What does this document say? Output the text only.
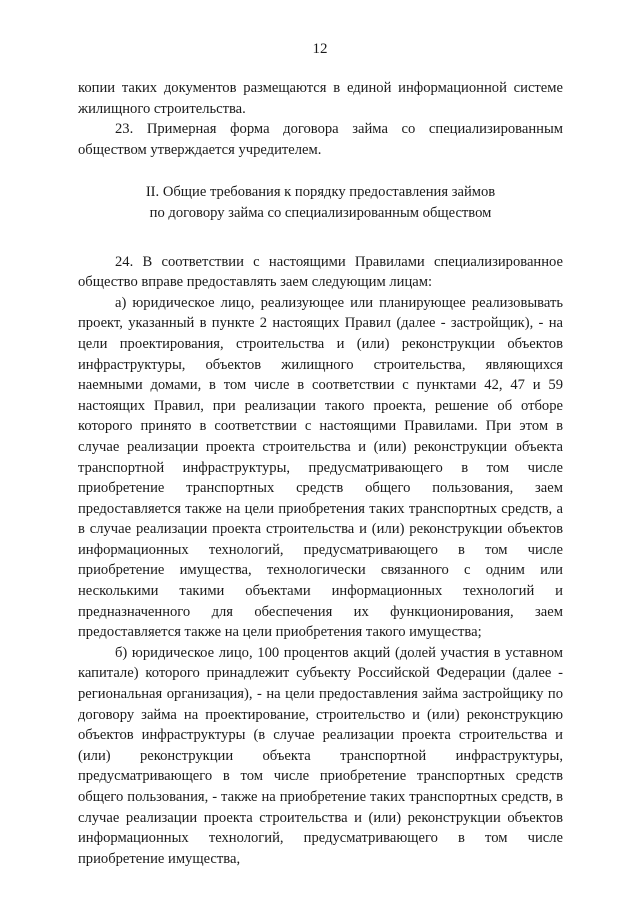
12

копии таких документов размещаются в единой информационной системе жилищного строительства.

23. Примерная форма договора займа со специализированным обществом утверждается учредителем.

II. Общие требования к порядку предоставления займов
по договору займа со специализированным обществом

24. В соответствии с настоящими Правилами специализированное общество вправе предоставлять заем следующим лицам:

а) юридическое лицо, реализующее или планирующее реализовывать проект, указанный в пункте 2 настоящих Правил (далее - застройщик), - на цели проектирования, строительства и (или) реконструкции объектов инфраструктуры, объектов жилищного строительства, являющихся наемными домами, в том числе в соответствии с пунктами 42, 47 и 59 настоящих Правил, при реализации такого проекта, решение об отборе которого принято в соответствии с настоящими Правилами. При этом в случае реализации проекта строительства и (или) реконструкции объекта транспортной инфраструктуры, предусматривающего в том числе приобретение транспортных средств общего пользования, заем предоставляется также на цели приобретения таких транспортных средств, а в случае реализации проекта строительства и (или) реконструкции объектов информационных технологий, предусматривающего в том числе приобретение имущества, технологически связанного с одним или несколькими такими объектами информационных технологий и предназначенного для обеспечения их функционирования, заем предоставляется также на цели приобретения такого имущества;

б) юридическое лицо, 100 процентов акций (долей участия в уставном капитале) которого принадлежит субъекту Российской Федерации (далее - региональная организация), - на цели предоставления займа застройщику по договору займа на проектирование, строительство и (или) реконструкцию объектов инфраструктуры (в случае реализации проекта строительства и (или) реконструкции объекта транспортной инфраструктуры, предусматривающего в том числе приобретение транспортных средств общего пользования, - также на приобретение таких транспортных средств, в случае реализации проекта строительства и (или) реконструкции объектов информационных технологий, предусматривающего в том числе приобретение имущества,
